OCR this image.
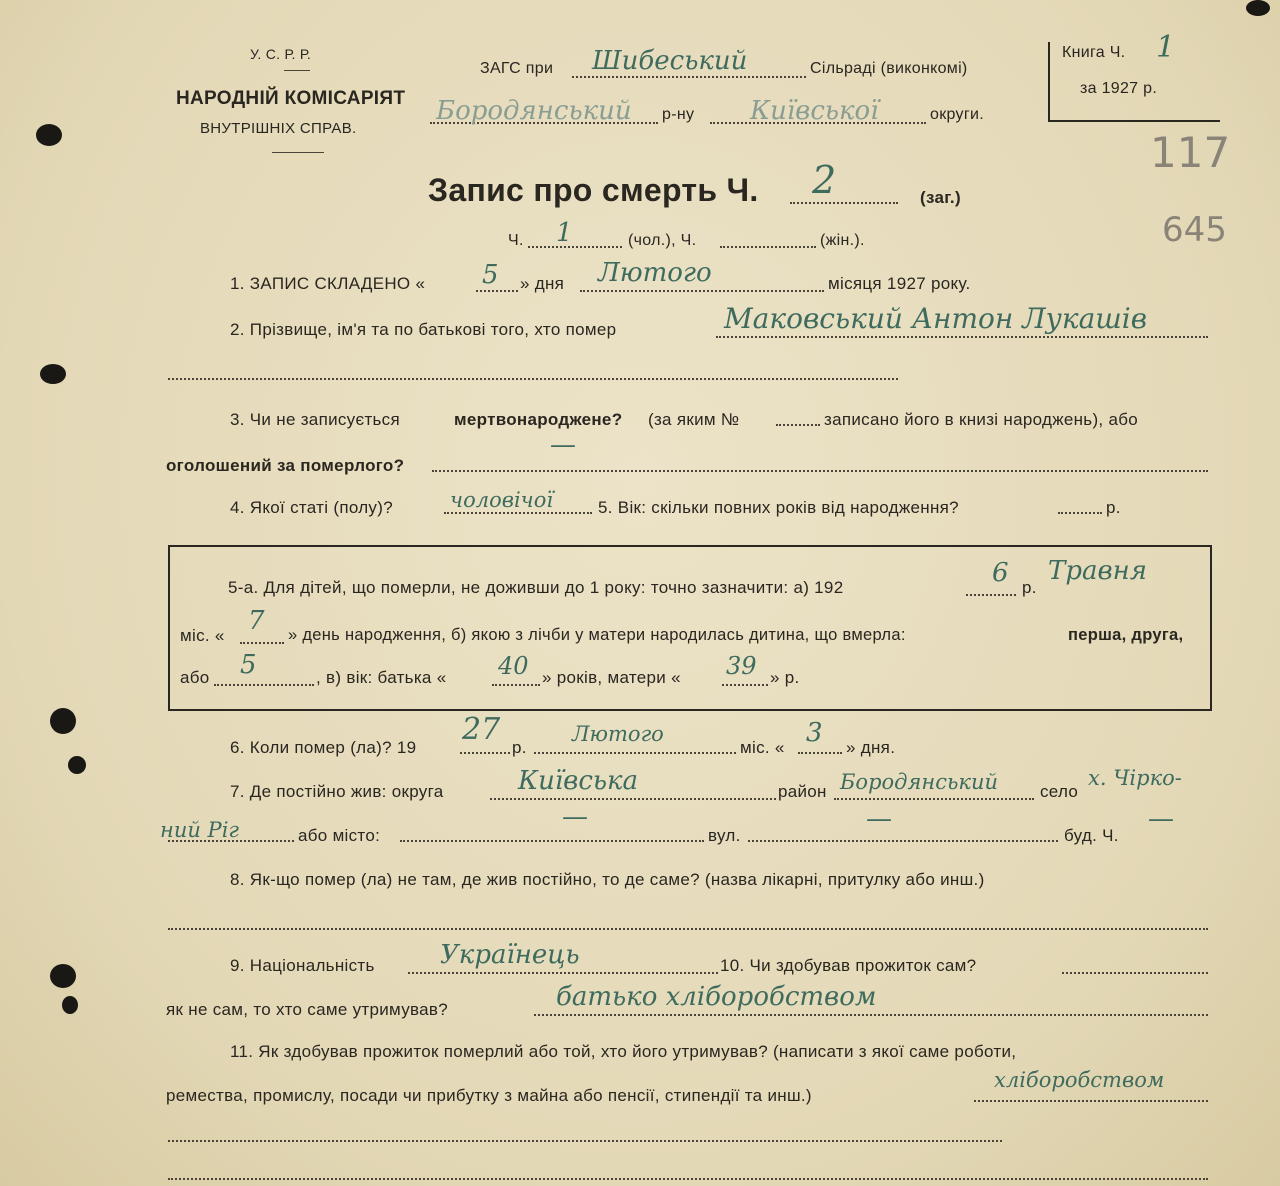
У. С. Р. Р.
НАРОДНІЙ КОМІСАРІЯТ
ВНУТРІШНІХ СПРАВ.
ЗАГС при Шибеський	Сільраді (виконкомі)
Бородянський р-ну Київської	округи.
Книга Ч. 1
за 1927 р.
117
645
Запис про смерть Ч. 2	(заг.)
Ч. 1	(чол.), Ч.	(жін.).
1. ЗАПИС СКЛАДЕНО « 5 » дня Лютого	місяця 1927 року.
2. Прізвище, ім'я та по батькові того, хто помер	Маковський Антон Лукашів
3. Чи не записується	мертвонароджене? (за яким №	записано його в книзі народжень), або
оголошений за померлого?
—
4. Якої статі (полу)?	чоловічої	5. Вік: скільки повних років від народження?	р.
5-а. Для дітей, що померли, не доживши до 1 року: точно зазначити: а) 192	6 р.
Травня
міс. « 7 » день народження, б) якою з лічби у матери народилась дитина, що вмерла:	перша, друга,
або 5	, в) вік: батька « 40 » років, матери « 39 » р.
6. Коли помер (ла)? 19
27
р.
Лютого
міс. « 3 » дня.
7. Де постійно жив: округа	Київська	район Бородянський село
х. Чірко-
ний Ріг	або місто:
—
вул.
—
буд. Ч.
—
8. Як-що помер (ла) не там, де жив постійно, то де саме? (назва лікарні, притулку або инш.)
9. Національність	Українець	10. Чи здобував прожиток сам?
як не сам, то хто саме утримував?	батько хліборобством
11. Як здобував прожиток померлий або той, хто його утримував? (написати з якої саме роботи,
ремества, промислу, посади чи прибутку з майна або пенсії, стипендії та инш.)
хліборобством
